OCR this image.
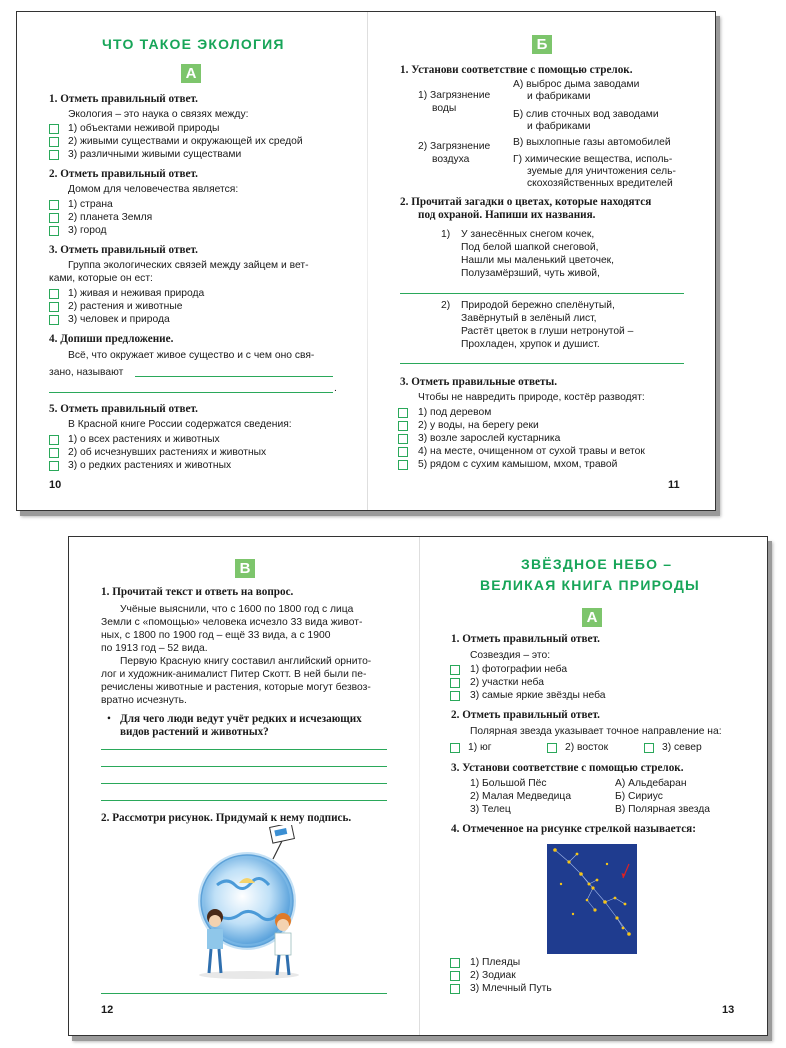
ЧТО ТАКОЕ ЭКОЛОГИЯ
А
1. Отметь правильный ответ.
Экология – это наука о связях между:
1) объектами неживой природы
2) живыми существами и окружающей их средой
3) различными живыми существами
2. Отметь правильный ответ.
Домом для человечества является:
1) страна
2) планета Земля
3) город
3. Отметь правильный ответ.
Группа экологических связей между зайцем и вет-
ками, которые он ест:
1) живая и неживая природа
2) растения и животные
3) человек и природа
4. Допиши предложение.
Всё, что окружает живое существо и с чем оно свя-
зано, называют
.
5. Отметь правильный ответ.
В Красной книге России содержатся сведения:
1) о всех растениях и животных
2) об исчезнувших растениях и животных
3) о редких растениях и животных
10
Б
1. Установи соответствие с помощью стрелок.
1) Загрязнение
воды
2) Загрязнение
воздуха
А) выброс дыма заводами
и фабриками
Б) слив сточных вод заводами
и фабриками
В) выхлопные газы автомобилей
Г) химические вещества, исполь-
зуемые для уничтожения сель-
скохозяйственных вредителей
2. Прочитай загадки о цветах, которые находятся
под охраной. Напиши их названия.
1) У занесённых снегом кочек,
Под белой шапкой снеговой,
Нашли мы маленький цветочек,
Полузамёрзший, чуть живой,
2) Природой бережно спелёнутый,
Завёрнутый в зелёный лист,
Растёт цветок в глуши нетронутой –
Прохладен, хрупок и душист.
3. Отметь правильные ответы.
Чтобы не навредить природе, костёр разводят:
1) под деревом
2) у воды, на берегу реки
3) возле зарослей кустарника
4) на месте, очищенном от сухой травы и веток
5) рядом с сухим камышом, мхом, травой
11
В
1. Прочитай текст и ответь на вопрос.
Учёные выяснили, что с 1600 по 1800 год с лица
Земли с «помощью» человека исчезло 33 вида живот-
ных, с 1800 по 1900 год – ещё 33 вида, а с 1900
по 1913 год – 52 вида.
Первую Красную книгу составил английский орнито-
лог и художник-анималист Питер Скотт. В ней были пе-
речислены животные и растения, которые могут безвоз-
вратно исчезнуть.
• Для чего люди ведут учёт редких и исчезающих
видов растений и животных?
2. Рассмотри рисунок. Придумай к нему подпись.
12
ЗВЁЗДНОЕ НЕБО –
ВЕЛИКАЯ КНИГА ПРИРОДЫ
А
1. Отметь правильный ответ.
Созвездия – это:
1) фотографии неба
2) участки неба
3) самые яркие звёзды неба
2. Отметь правильный ответ.
Полярная звезда указывает точное направление на:
1) юг	2) восток	3) север
3. Установи соответствие с помощью стрелок.
1) Большой Пёс
2) Малая Медведица
3) Телец
А) Альдебаран
Б) Сириус
В) Полярная звезда
4. Отмеченное на рисунке стрелкой называется:
1) Плеяды
2) Зодиак
3) Млечный Путь
13
